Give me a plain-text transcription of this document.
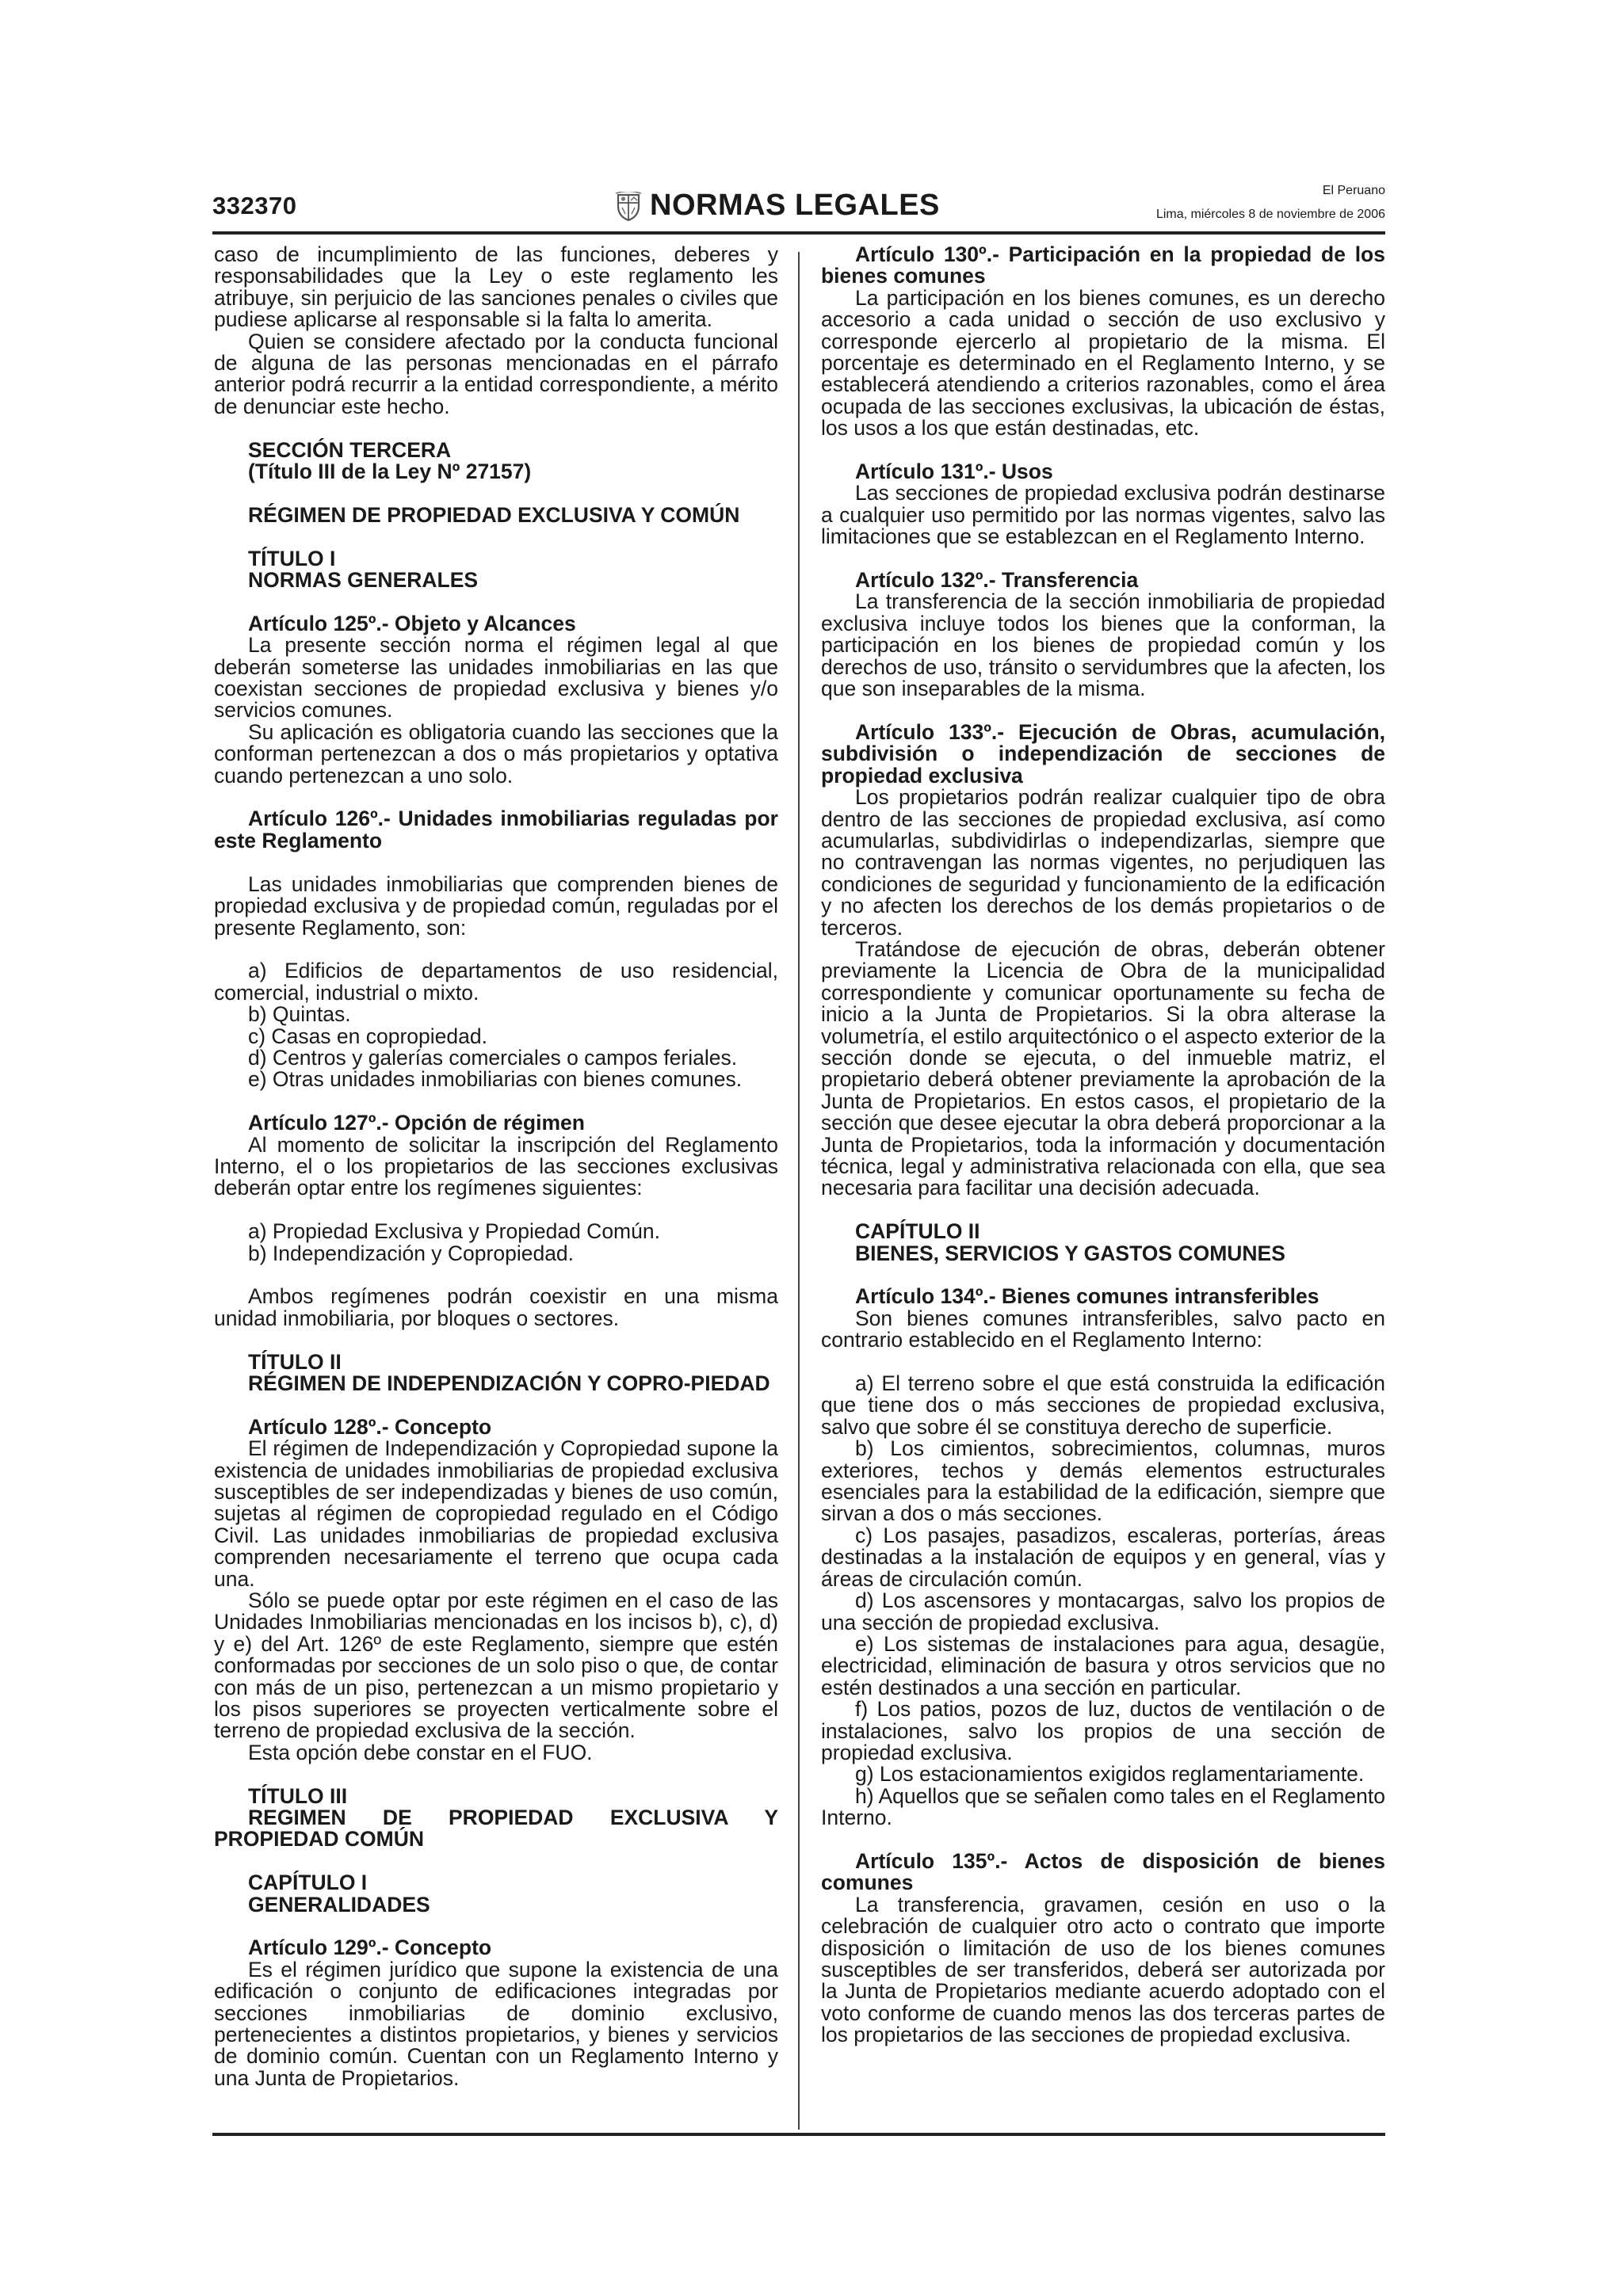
332370	NORMAS LEGALES	El Peruano
Lima, miércoles 8 de noviembre de 2006

caso de incumplimiento de las funciones, deberes y responsabilidades que la Ley o este reglamento les atribuye, sin perjuicio de las sanciones penales o civiles que pudiese aplicarse al responsable si la falta lo amerita.

Quien se considere afectado por la conducta funcional de alguna de las personas mencionadas en el párrafo anterior podrá recurrir a la entidad correspondiente, a mérito de denunciar este hecho.

SECCIÓN TERCERA

(Título III de la Ley Nº 27157)

RÉGIMEN DE PROPIEDAD EXCLUSIVA Y COMÚN

TÍTULO I

NORMAS GENERALES

Artículo 125º.- Objeto y Alcances

La presente sección norma el régimen legal al que deberán someterse las unidades inmobiliarias en las que coexistan secciones de propiedad exclusiva y bienes y/o servicios comunes.

Su aplicación es obligatoria cuando las secciones que la conforman pertenezcan a dos o más propietarios y optativa cuando pertenezcan a uno solo.

Artículo 126º.- Unidades inmobiliarias reguladas por este Reglamento

Las unidades inmobiliarias que comprenden bienes de propiedad exclusiva y de propiedad común, reguladas por el presente Reglamento, son:

a) Edificios de departamentos de uso residencial, comercial, industrial o mixto.

b) Quintas.

c) Casas en copropiedad.

d) Centros y galerías comerciales o campos feriales.

e) Otras unidades inmobiliarias con bienes comunes.

Artículo 127º.- Opción de régimen

Al momento de solicitar la inscripción del Reglamento Interno, el o los propietarios de las secciones exclusivas deberán optar entre los regímenes siguientes:

a) Propiedad Exclusiva y Propiedad Común.

b) Independización y Copropiedad.

Ambos regímenes podrán coexistir en una misma unidad inmobiliaria, por bloques o sectores.

TÍTULO II

RÉGIMEN DE INDEPENDIZACIÓN Y COPRO-PIEDAD

Artículo 128º.- Concepto

El régimen de Independización y Copropiedad supone la existencia de unidades inmobiliarias de propiedad exclusiva susceptibles de ser independizadas y bienes de uso común, sujetas al régimen de copropiedad regulado en el Código Civil. Las unidades inmobiliarias de propiedad exclusiva comprenden necesariamente el terreno que ocupa cada una.

Sólo se puede optar por este régimen en el caso de las Unidades Inmobiliarias mencionadas en los incisos b), c), d) y e) del Art. 126º de este Reglamento, siempre que estén conformadas por secciones de un solo piso o que, de contar con más de un piso, pertenezcan a un mismo propietario y los pisos superiores se proyecten verticalmente sobre el terreno de propiedad exclusiva de la sección.

Esta opción debe constar en el FUO.

TÍTULO III

REGIMEN DE PROPIEDAD EXCLUSIVA Y PROPIEDAD COMÚN

CAPÍTULO I

GENERALIDADES

Artículo 129º.- Concepto

Es el régimen jurídico que supone la existencia de una edificación o conjunto de edificaciones integradas por secciones inmobiliarias de dominio exclusivo, pertenecientes a distintos propietarios, y bienes y servicios de dominio común. Cuentan con un Reglamento Interno y una Junta de Propietarios.

Artículo 130º.- Participación en la propiedad de los bienes comunes

La participación en los bienes comunes, es un derecho accesorio a cada unidad o sección de uso exclusivo y corresponde ejercerlo al propietario de la misma. El porcentaje es determinado en el Reglamento Interno, y se establecerá atendiendo a criterios razonables, como el área ocupada de las secciones exclusivas, la ubicación de éstas, los usos a los que están destinadas, etc.

Artículo 131º.- Usos

Las secciones de propiedad exclusiva podrán destinarse a cualquier uso permitido por las normas vigentes, salvo las limitaciones que se establezcan en el Reglamento Interno.

Artículo 132º.- Transferencia

La transferencia de la sección inmobiliaria de propiedad exclusiva incluye todos los bienes que la conforman, la participación en los bienes de propiedad común y los derechos de uso, tránsito o servidumbres que la afecten, los que son inseparables de la misma.

Artículo 133º.- Ejecución de Obras, acumulación, subdivisión o independización de secciones de propiedad exclusiva

Los propietarios podrán realizar cualquier tipo de obra dentro de las secciones de propiedad exclusiva, así como acumularlas, subdividirlas o independizarlas, siempre que no contravengan las normas vigentes, no perjudiquen las condiciones de seguridad y funcionamiento de la edificación y no afecten los derechos de los demás propietarios o de terceros.

Tratándose de ejecución de obras, deberán obtener previamente la Licencia de Obra de la municipalidad correspondiente y comunicar oportunamente su fecha de inicio a la Junta de Propietarios. Si la obra alterase la volumetría, el estilo arquitectónico o el aspecto exterior de la sección donde se ejecuta, o del inmueble matriz, el propietario deberá obtener previamente la aprobación de la Junta de Propietarios. En estos casos, el propietario de la sección que desee ejecutar la obra deberá proporcionar a la Junta de Propietarios, toda la información y documentación técnica, legal y administrativa relacionada con ella, que sea necesaria para facilitar una decisión adecuada.

CAPÍTULO II

BIENES, SERVICIOS Y GASTOS COMUNES

Artículo 134º.- Bienes comunes intransferibles

Son bienes comunes intransferibles, salvo pacto en contrario establecido en el Reglamento Interno:

a) El terreno sobre el que está construida la edificación que tiene dos o más secciones de propiedad exclusiva, salvo que sobre él se constituya derecho de superficie.

b) Los cimientos, sobrecimientos, columnas, muros exteriores, techos y demás elementos estructurales esenciales para la estabilidad de la edificación, siempre que sirvan a dos o más secciones.

c) Los pasajes, pasadizos, escaleras, porterías, áreas destinadas a la instalación de equipos y en general, vías y áreas de circulación común.

d) Los ascensores y montacargas, salvo los propios de una sección de propiedad exclusiva.

e) Los sistemas de instalaciones para agua, desagüe, electricidad, eliminación de basura y otros servicios que no estén destinados a una sección en particular.

f) Los patios, pozos de luz, ductos de ventilación o de instalaciones, salvo los propios de una sección de propiedad exclusiva.

g) Los estacionamientos exigidos reglamentariamente.

h) Aquellos que se señalen como tales en el Reglamento Interno.

Artículo 135º.- Actos de disposición de bienes comunes

La transferencia, gravamen, cesión en uso o la celebración de cualquier otro acto o contrato que importe disposición o limitación de uso de los bienes comunes susceptibles de ser transferidos, deberá ser autorizada por la Junta de Propietarios mediante acuerdo adoptado con el voto conforme de cuando menos las dos terceras partes de los propietarios de las secciones de propiedad exclusiva.
